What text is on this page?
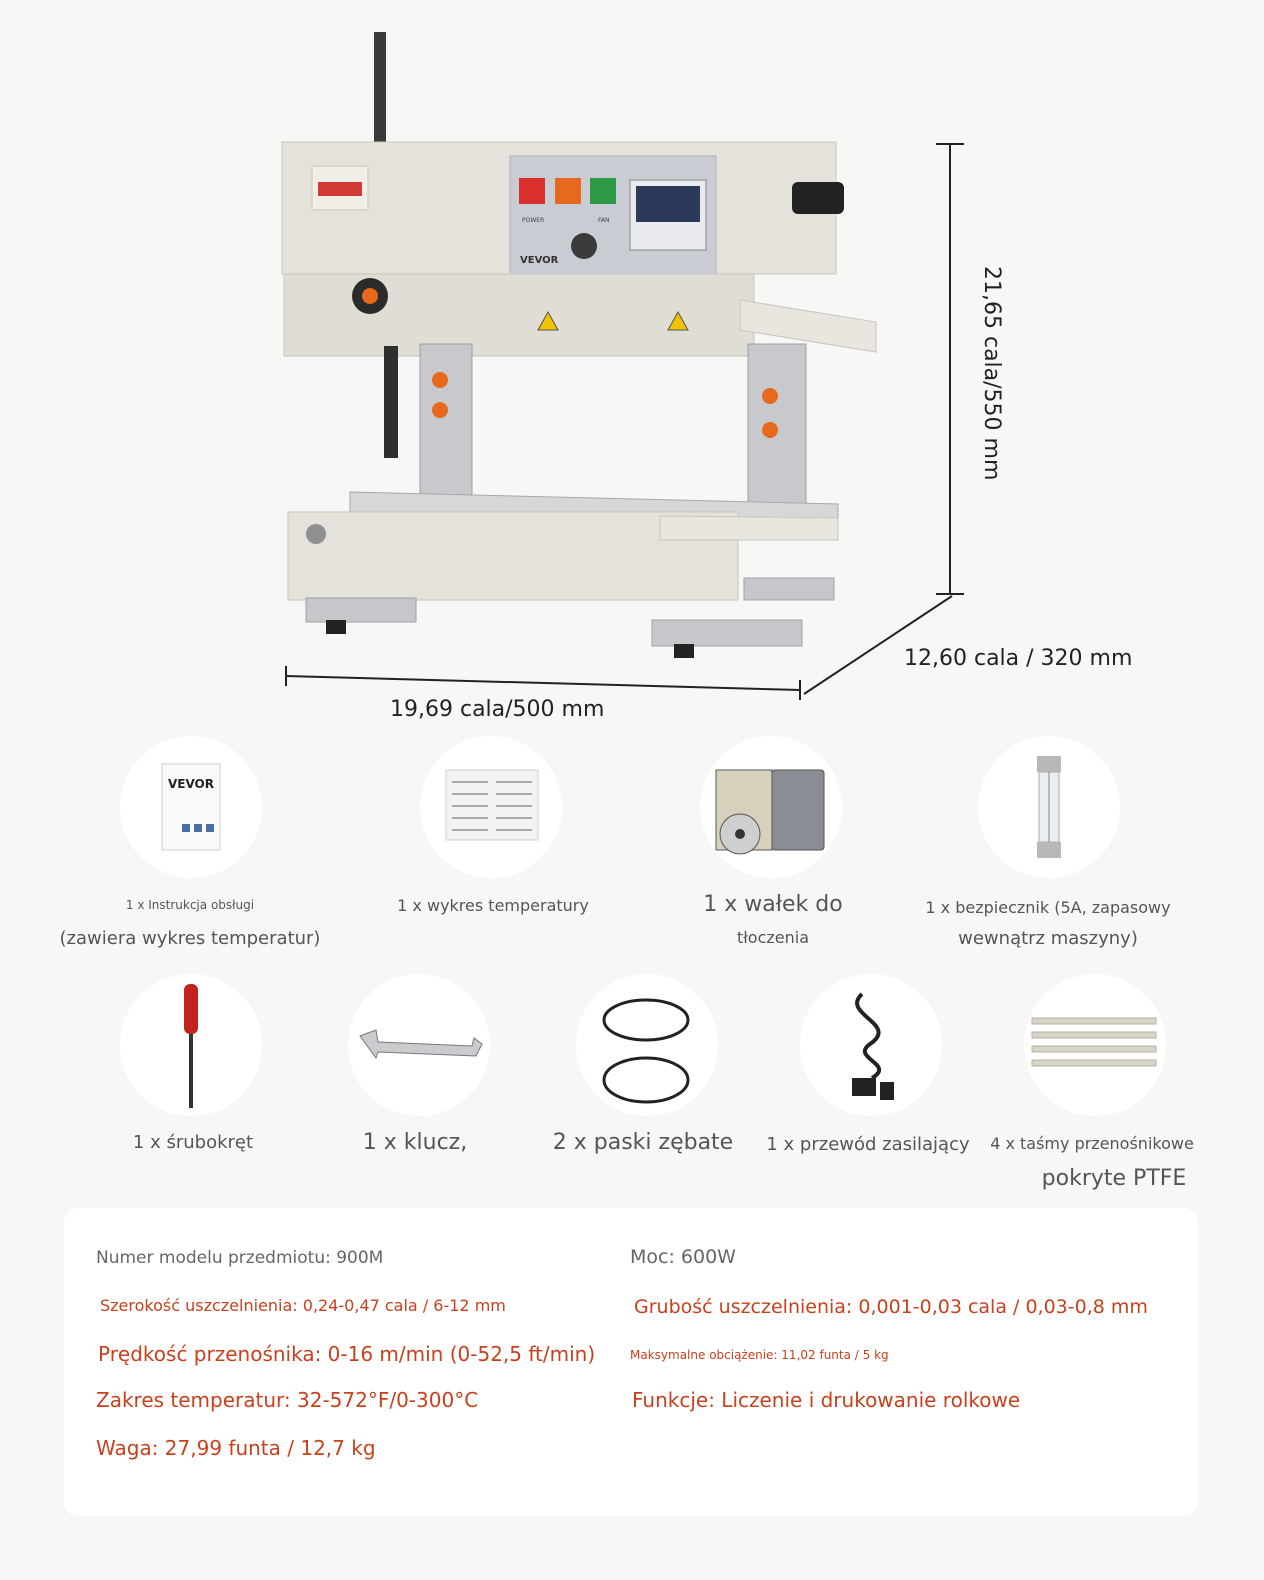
POWER	FAN
VEVOR
21,65 cala/550 mm
12,60 cala / 320 mm
19,69 cala/500 mm
VEVOR
1 x Instrukcja obsługi
(zawiera wykres temperatur)
1 x wykres temperatury	1 x wałek do
tłoczenia
1 x bezpiecznik (5A, zapasowy
wewnątrz maszyny)
1 x śrubokręt	1 x klucz,	2 x paski zębate 1 x przewód zasilający 4 x taśmy przenośnikowe
pokryte PTFE
Numer modelu przedmiotu: 900M	Moc: 600W
Szerokość uszczelnienia: 0,24-0,47 cala / 6-12 mm	Grubość uszczelnienia: 0,001-0,03 cala / 0,03-0,8 mm
Prędkość przenośnika: 0-16 m/min (0-52,5 ft/min)	Maksymalne obciążenie: 11,02 funta / 5 kg
Zakres temperatur: 32-572°F/0-300°C	Funkcje: Liczenie i drukowanie rolkowe
Waga: 27,99 funta / 12,7 kg
